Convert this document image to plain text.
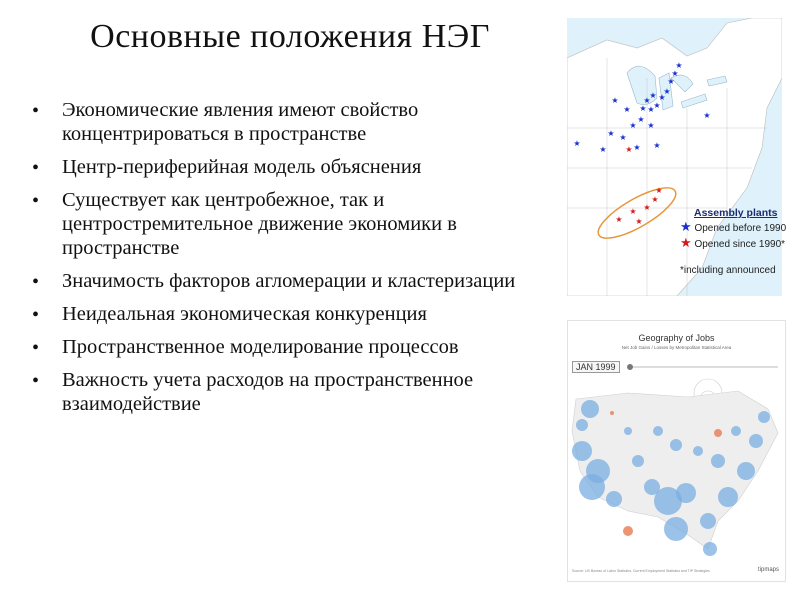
Основные положения НЭГ
• Экономические явления имеют свойство концентрироваться в пространстве
• Центр-периферийная модель объяснения
• Существует как центробежное, так и центростремительное движение экономики в пространстве
• Значимость факторов агломерации и кластеризации
• Неидеальная экономическая конкуренция
• Пространственное моделирование процессов
• Важность учета расходов на пространственное взаимодействие
★
★
★
★
★
★
★
★
★
★
★
★
★
★
★
★
★
★
★
★
★
★
★
★
★
★
★
★
★
Assembly plants
★ Opened before 1990
★ Opened since 1990*
*including announced
Geography of Jobs
Net Job Gains / Losses by Metropolitan Statistical Area
JAN 1999
Source: US Bureau of Labor Statistics, Current Employment Statistics and TIP Strategies	tipmaps
